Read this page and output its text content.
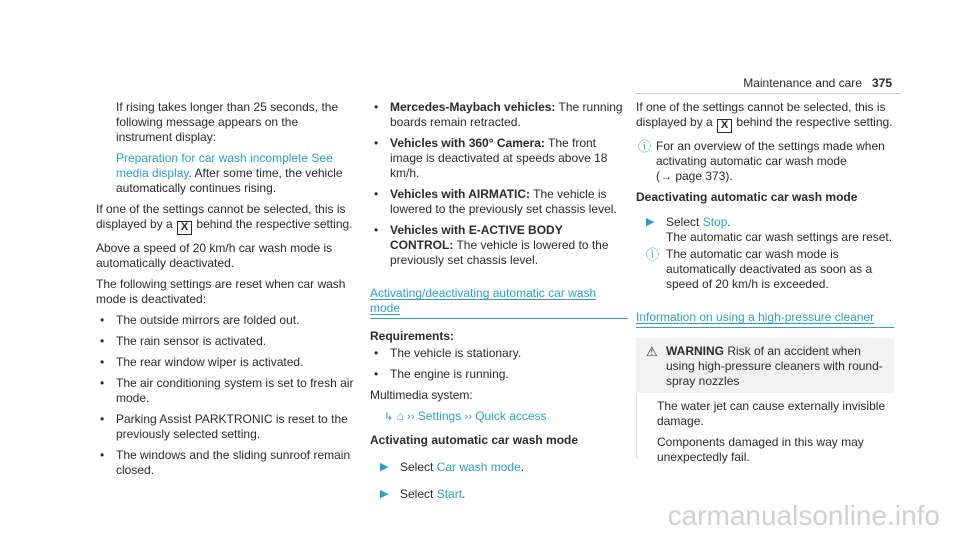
Maintenance and care 375
If rising takes longer than 25 seconds, the following message appears on the instrument display:
Preparation for car wash incomplete See media display. After some time, the vehicle automatically continues rising.
If one of the settings cannot be selected, this is displayed by a X behind the respective setting.
Above a speed of 20 km/h car wash mode is automatically deactivated.
The following settings are reset when car wash mode is deactivated:
• The outside mirrors are folded out.
• The rain sensor is activated.
• The rear window wiper is activated.
• The air conditioning system is set to fresh air mode.
• Parking Assist PARKTRONIC is reset to the previously selected setting.
• The windows and the sliding sunroof remain closed.
• Mercedes-Maybach vehicles: The running boards remain retracted.
• Vehicles with 360° Camera: The front image is deactivated at speeds above 18 km/h.
• Vehicles with AIRMATIC: The vehicle is lowered to the previously set chassis level.
• Vehicles with E-ACTIVE BODY CONTROL: The vehicle is lowered to the previously set chassis level.
Activating/deactivating automatic car wash mode
Requirements:
• The vehicle is stationary.
• The engine is running.
Multimedia system:
↳ ⌂ ›› Settings ›› Quick access
Activating automatic car wash mode
▶ Select Car wash mode.
▶ Select Start.
If one of the settings cannot be selected, this is displayed by a X behind the respective setting.
ⓘ For an overview of the settings made when activating automatic car wash mode
(→ page 373).
Deactivating automatic car wash mode
▶ Select Stop.
The automatic car wash settings are reset.
ⓘ The automatic car wash mode is automatically deactivated as soon as a speed of 20 km/h is exceeded.
Information on using a high-pressure cleaner
⚠ WARNING Risk of an accident when using high-pressure cleaners with round-spray nozzles
The water jet can cause externally invisible damage.
Components damaged in this way may unexpectedly fail.
carmanualsonline.info
